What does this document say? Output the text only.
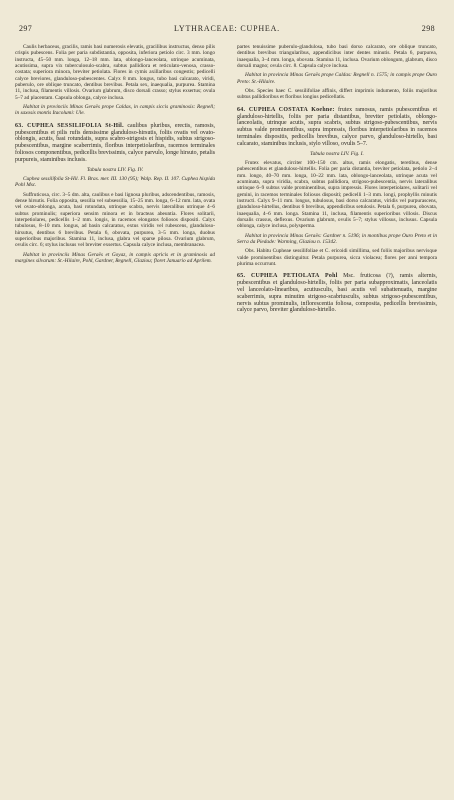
297	LYTHRACEAE: CUPHEA.	298

Caulis herbaceus, gracilis, ramis basi numerosis elevatis, gracilibus instructus, denso pilis crispis pubescens. Folia per paria subdistantia, opposita, inferiora petiolo circ. 3 mm. longo instructa, 45–50 mm. longa, 12–18 mm. lata, oblongo-lanceolata, utrinque acuminata, acutissima, supra vix tuberculosulo-scabra, subtus pallidiora et reticulato-venosa, crasso-costata; superiora minora, breviter petiolata. Flores in cymis axillaribus congestis; pedicelli calyce breviores, glanduloso-pubescentes. Calyx 8 mm. longus, tubo basi calcarato, viridi, puberulo, ore oblique truncato, dentibus brevibus. Petala sex, inaequalia, purpurea. Stamina 11, inclusa, filamentis villosis. Ovarium glabrum, disco dorsali crasso; stylus exsertus; ovula 5–7 ad placentam. Capsula oblonga, calyce inclusa.

Habitat in provinciis Minas Geraës prope Caldas, in campis siccis graminosis: Regnell; in saxosis montis Itacolumi: Ule.

63. CUPHEA SESSILIFOLIA St-Hil. caulibus pluribus, erectis, ramosis, pubescentibus et pilis rufis densissime glanduloso-hirsutis, foliis ovatis vel ovato-oblongis, acutis, basi rotundatis, supra scabro-strigosis et hispidis, subtus strigoso-pubescentibus, margine scaberrimis, floribus interpetiolaribus, racemos terminales foliosos componentibus, pedicellis brevissimis, calyce parvulo, longe hirsuto, petalis purpureis, staminibus inclusis.

Tabula nostra LIV. Fig. IV.

Cuphea sessilifolia St-Hil. Fl. Bras. mer. III. 130 (95); Walp. Rep. II. 107. Cuphea hispida Pohl Msc.

Suffruticosa, circ. 3–5 dm. alta, caulibus e basi lignosa pluribus, adscendentibus, ramosis, dense hirsutis. Folia opposita, sessilia vel subsessilia, 15–25 mm. longa, 6–12 mm. lata, ovata vel ovato-oblonga, acuta, basi rotundata, utrinque scabra, nervis lateralibus utrinque 4–6 subtus prominulis; superiora sensim minora et in bracteas abeuntia. Flores solitarii, interpetiolares, pedicellis 1–2 mm. longis, in racemos elongatos foliosos dispositi. Calyx tubulosus, 8–10 mm. longus, ad basin calcaratus, extus viridis vel rubescens, glanduloso-hirsutus, dentibus 6 brevibus. Petala 6, obovata, purpurea, 3–5 mm. longa, duobus superioribus majoribus. Stamina 11, inclusa, glabra vel sparse pilosa. Ovarium glabrum, ovulis circ. 6; stylus inclusus vel breviter exsertus. Capsula calyce inclusa, membranacea.

Habitat in provinciis Minas Geraës et Goyaz, in campis apricis et in graminosis ad margines silvarum: St.-Hilaire, Pohl, Gardner, Regnell, Glaziou; floret Januario ad Aprilem.

partes tenuissime puberulo-glandulosa, tubo basi dorso calcarato, ore oblique truncato, dentibus brevibus triangularibus, appendicibus inter dentes minutis. Petala 6, purpurea, inaequalia, 3–4 mm. longa, obovata. Stamina 11, inclusa. Ovarium oblongum, glabrum, disco dorsali magno; ovula circ. 8. Capsula calyce inclusa.

Habitat in provincia Minas Geraës prope Caldas: Regnell n. 1575; in campis prope Ouro Preto: St.-Hilaire.

Obs. Species haec C. sessilifoliae affinis, differt imprimis indumento, foliis majoribus subtus pallidioribus et floribus longius pedicellatis.

64. CUPHEA COSTATA Koehne: frutex ramosus, ramis pubescentibus et glanduloso-hirtellis, foliis per paria distantibus, breviter petiolatis, oblongo-lanceolatis, utrinque acutis, supra scabris, subtus strigoso-pubescentibus, nervis subtus valde prominentibus, supra impressis, floribus interpetiolaribus in racemos terminales dispositis, pedicellis brevibus, calyce parvo, glanduloso-hirtello, basi calcarato, staminibus inclusis, stylo villoso, ovulis 5–7.

Tabula nostra LIV. Fig. I.

Frutex elevatus, circiter 100–150 cm. altus, ramis elongatis, teretibus, dense pubescentibus et glanduloso-hirtellis. Folia per paria distantia, breviter petiolata, petiolo 2–4 mm. longo, 40–70 mm. longa, 10–22 mm. lata, oblongo-lanceolata, utrinque acuta vel acuminata, supra viridia, scabra, subtus pallidiora, strigoso-pubescentia, nervis lateralibus utrinque 6–9 subtus valde prominentibus, supra impressis. Flores interpetiolares, solitarii vel gemini, in racemos terminales foliosos dispositi; pedicelli 1–3 mm. longi, prophyllis minutis instructi. Calyx 9–11 mm. longus, tubulosus, basi dorso calcaratus, viridis vel purpurascens, glanduloso-hirtellus, dentibus 6 brevibus, appendicibus setulosis. Petala 6, purpurea, obovata, inaequalia, 4–6 mm. longa. Stamina 11, inclusa, filamentis superioribus villosis. Discus dorsalis crassus, deflexus. Ovarium glabrum, ovulis 5–7; stylus villosus, inclusus. Capsula oblonga, calyce inclusa, polysperma.

Habitat in provincia Minas Geraës: Gardner n. 5196; in montibus prope Ouro Preto et in Serra da Piedade: Warming, Glaziou n. 15342.

Obs. Habitu Cupheae sessilifoliae et C. ericoidi simillima, sed foliis majoribus nervisque valde prominentibus distinguitur. Petala purpurea, sicca violacea; flores per anni tempora plurima occurrunt.

65. CUPHEA PETIOLATA Pohl Msc. fruticosa (?), ramis alternis, pubescentibus et glanduloso-hirtellis, foliis per paria subapproximatis, lanceolatis vel lanceolato-linearibus, acutiusculis, basi acutis vel subattenuatis, margine scaberrimis, supra minutim strigoso-scabriusculis, subtus strigoso-pubescentibus, nervis subtus prominulis, inflorescentia foliosa, composita, pedicellis brevissimis, calyce parvo, breviter glanduloso-hirtello.
